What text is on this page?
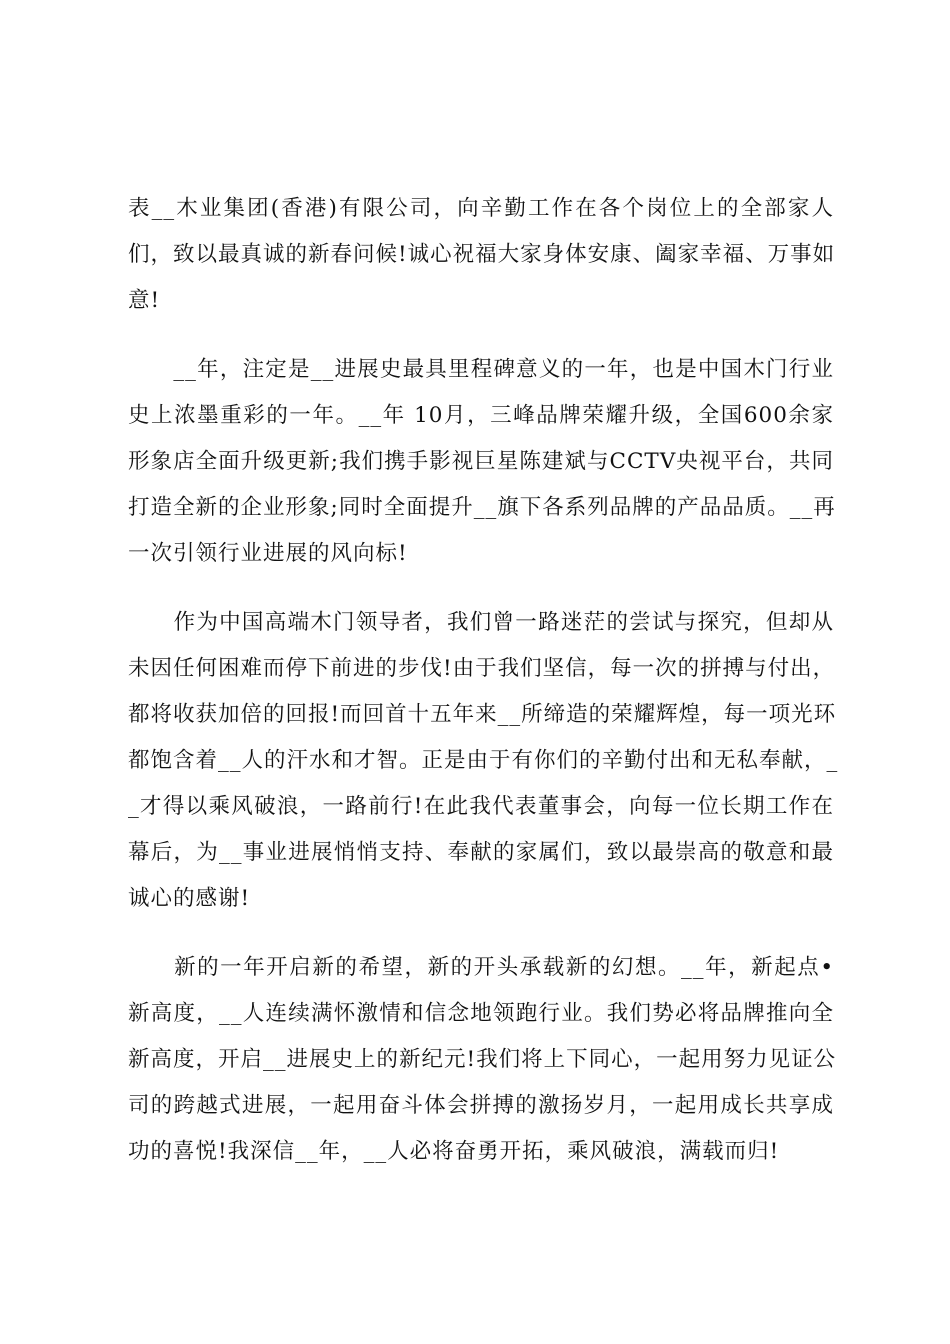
表__木业集团(香港)有限公司，向辛勤工作在各个岗位上的全部家人
们，致以最真诚的新春问候!诚心祝福大家身体安康、阖家幸福、万事如
意!

　　__年，注定是__进展史最具里程碑意义的一年，也是中国木门行业
史上浓墨重彩的一年。__年 10月，三峰品牌荣耀升级，全国600余家
形象店全面升级更新;我们携手影视巨星陈建斌与CCTV央视平台，共同
打造全新的企业形象;同时全面提升__旗下各系列品牌的产品品质。__再
一次引领行业进展的风向标!

　　作为中国高端木门领导者，我们曾一路迷茫的尝试与探究，但却从
未因任何困难而停下前进的步伐!由于我们坚信，每一次的拼搏与付出，
都将收获加倍的回报!而回首十五年来__所缔造的荣耀辉煌，每一项光环
都饱含着__人的汗水和才智。正是由于有你们的辛勤付出和无私奉献，_
_才得以乘风破浪，一路前行!在此我代表董事会，向每一位长期工作在
幕后，为__事业进展悄悄支持、奉献的家属们，致以最崇高的敬意和最
诚心的感谢!

　　新的一年开启新的希望，新的开头承载新的幻想。__年，新起点•
新高度，__人连续满怀激情和信念地领跑行业。我们势必将品牌推向全
新高度，开启__进展史上的新纪元!我们将上下同心，一起用努力见证公
司的跨越式进展，一起用奋斗体会拼搏的激扬岁月，一起用成长共享成
功的喜悦!我深信__年，__人必将奋勇开拓，乘风破浪，满载而归!
